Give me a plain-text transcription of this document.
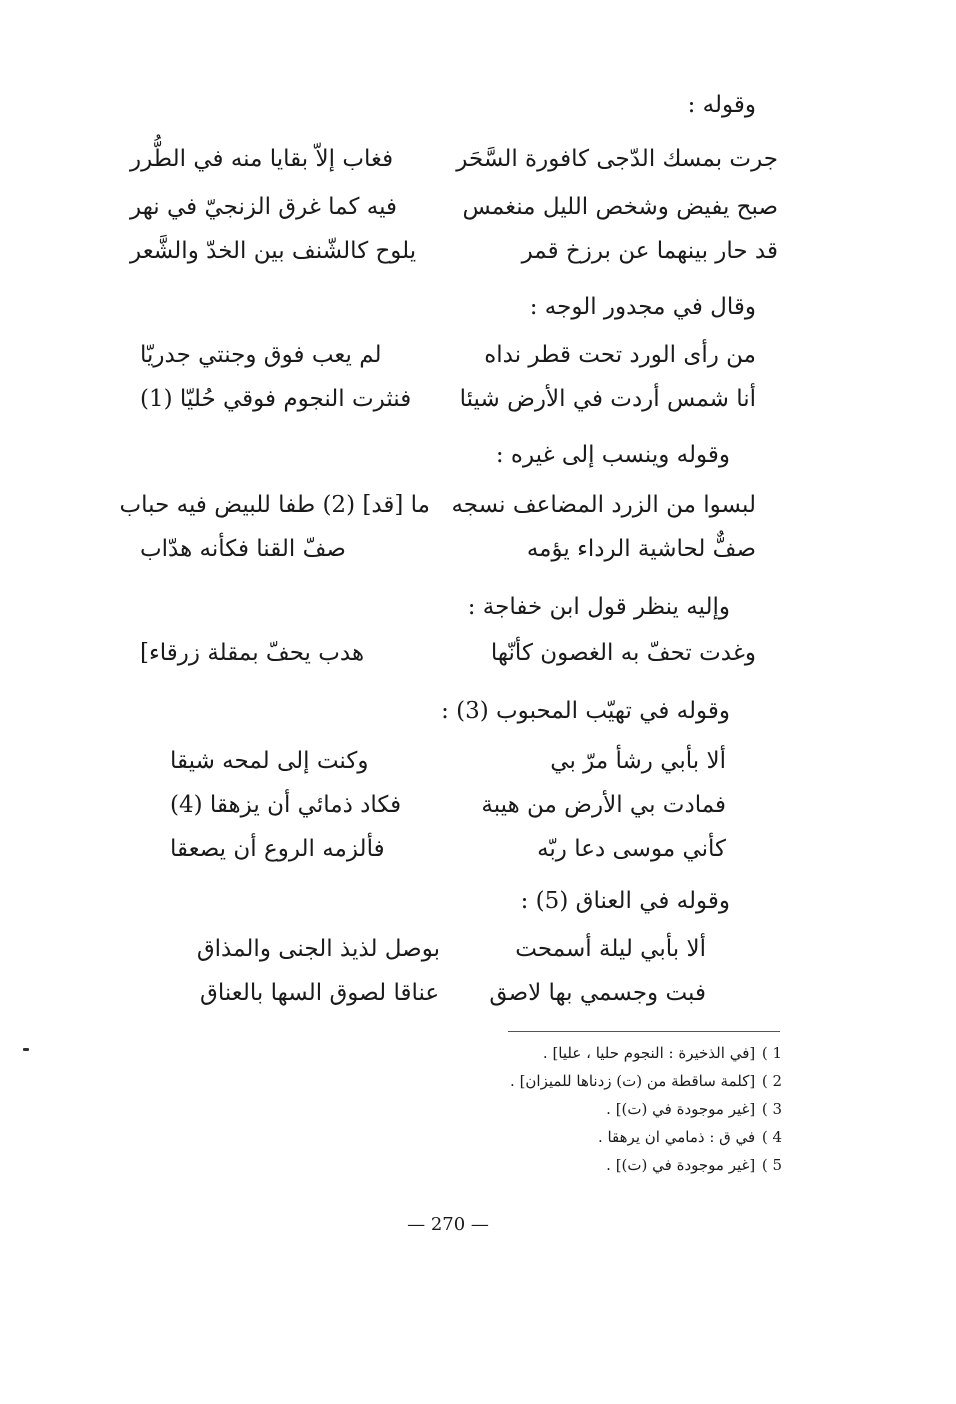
وقوله :
جرت بمسك الدّجى كافورة السَّحَر
فغاب إلاّ بقايا منه في الطُّرر
صبح يفيض وشخص الليل منغمس
فيه كما غرق الزنجيّ في نهر
قد حار بينهما عن برزخ قمر
يلوح كالشّنف بين الخدّ والشَّعر
وقال في مجدور الوجه :
من رأى الورد تحت قطر نداه
لم يعب فوق وجنتي جدريّا
أنا شمس أردت في الأرض شيئا
فنثرت النجوم فوقي حُليّا (1)
وقوله وينسب إلى غيره :
لبسوا من الزرد المضاعف نسجه
ما [قد] (2) طفا للبيض فيه حباب
صفٌّ لحاشية الرداء يؤمه
صفّ القنا فكأنه هدّاب
وإليه ينظر قول ابن خفاجة :
وغدت تحفّ به الغصون كأنّها
هدب يحفّ بمقلة زرقاء]
وقوله في تهيّب المحبوب (3) :
ألا بأبي رشأ مرّ بي
وكنت إلى لمحه شيقا
فمادت بي الأرض من هيبة
فكاد ذمائي أن يزهقا (4)
كأني موسى دعا ربّه
فألزمه الروع أن يصعقا
وقوله في العناق (5) :
ألا بأبي ليلة أسمحت
بوصل لذيذ الجنى والمذاق
فبت وجسمي بها لاصق
عناقا لصوق السها بالعناق
1 ) [في الذخيرة : النجوم حليا ، عليا] .
2 ) [كلمة ساقطة من (ت) زدناها للميزان] .
3 ) [غير موجودة في (ت)] .
4 ) في ق : ذمامي ان يرهقا .
5 ) [غير موجودة في (ت)] .
— 270 —
